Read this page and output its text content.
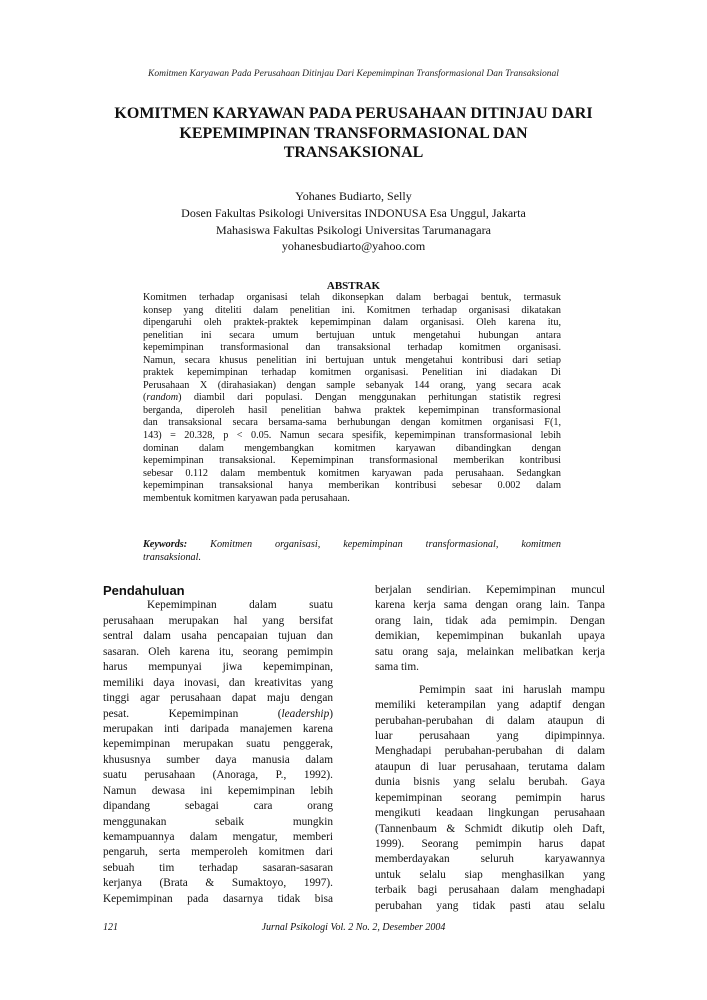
Komitmen Karyawan Pada Perusahaan Ditinjau Dari Kepemimpinan Transformasional Dan Transaksional
KOMITMEN KARYAWAN PADA PERUSAHAAN DITINJAU DARI
KEPEMIMPINAN TRANSFORMASIONAL DAN
TRANSAKSIONAL
Yohanes Budiarto, Selly
Dosen Fakultas Psikologi Universitas INDONUSA Esa Unggul, Jakarta
Mahasiswa Fakultas Psikologi Universitas Tarumanagara
yohanesbudiarto@yahoo.com
ABSTRAK
Komitmen terhadap organisasi telah dikonsepkan dalam berbagai bentuk, termasuk
konsep yang diteliti dalam penelitian ini. Komitmen terhadap organisasi dikatakan
dipengaruhi oleh praktek-praktek kepemimpinan dalam organisasi. Oleh karena itu,
penelitian ini secara umum bertujuan untuk mengetahui hubungan antara
kepemimpinan transformasional dan transaksional terhadap komitmen organisasi.
Namun, secara khusus penelitian ini bertujuan untuk mengetahui kontribusi dari setiap
praktek kepemimpinan terhadap komitmen organisasi. Penelitian ini diadakan Di
Perusahaan X (dirahasiakan) dengan sample sebanyak 144 orang, yang secara acak
(random) diambil dari populasi. Dengan menggunakan perhitungan statistik regresi
berganda, diperoleh hasil penelitian bahwa praktek kepemimpinan transformasional
dan transaksional secara bersama-sama berhubungan dengan komitmen organisasi F(1,
143) = 20.328, p < 0.05. Namun secara spesifik, kepemimpinan transformasional lebih
dominan dalam mengembangkan komitmen karyawan dibandingkan dengan
kepemimpinan transaksional. Kepemimpinan transformasional memberikan kontribusi
sebesar 0.112 dalam membentuk komitmen karyawan pada perusahaan. Sedangkan
kepemimpinan transaksional hanya memberikan kontribusi sebesar 0.002 dalam
membentuk komitmen karyawan pada perusahaan.
Keywords: Komitmen organisasi, kepemimpinan transformasional, komitmen
transaksional.
Pendahuluan
Kepemimpinan dalam suatu
perusahaan merupakan hal yang bersifat
sentral dalam usaha pencapaian tujuan dan
sasaran. Oleh karena itu, seorang pemimpin
harus mempunyai jiwa kepemimpinan,
memiliki daya inovasi, dan kreativitas yang
tinggi agar perusahaan dapat maju dengan
pesat. Kepemimpinan (leadership)
merupakan inti daripada manajemen karena
kepemimpinan merupakan suatu penggerak,
khususnya sumber daya manusia dalam
suatu perusahaan (Anoraga, P., 1992).
Namun dewasa ini kepemimpinan lebih
dipandang sebagai cara orang
menggunakan sebaik mungkin
kemampuannya dalam mengatur, memberi
pengaruh, serta memperoleh komitmen dari
sebuah tim terhadap sasaran-sasaran
kerjanya (Brata & Sumaktoyo, 1997).
Kepemimpinan pada dasarnya tidak bisa
berjalan sendirian. Kepemimpinan muncul
karena kerja sama dengan orang lain. Tanpa
orang lain, tidak ada pemimpin. Dengan
demikian, kepemimpinan bukanlah upaya
satu orang saja, melainkan melibatkan kerja
sama tim.
Pemimpin saat ini haruslah mampu
memiliki keterampilan yang adaptif dengan
perubahan-perubahan di dalam ataupun di
luar perusahaan yang dipimpinnya.
Menghadapi perubahan-perubahan di dalam
ataupun di luar perusahaan, terutama dalam
dunia bisnis yang selalu berubah. Gaya
kepemimpinan seorang pemimpin harus
mengikuti keadaan lingkungan perusahaan
(Tannenbaum & Schmidt dikutip oleh Daft,
1999). Seorang pemimpin harus dapat
memberdayakan seluruh karyawannya
untuk selalu siap menghasilkan yang
terbaik bagi perusahaan dalam menghadapi
perubahan yang tidak pasti atau selalu
121	Jurnal Psikologi Vol. 2 No. 2, Desember 2004
